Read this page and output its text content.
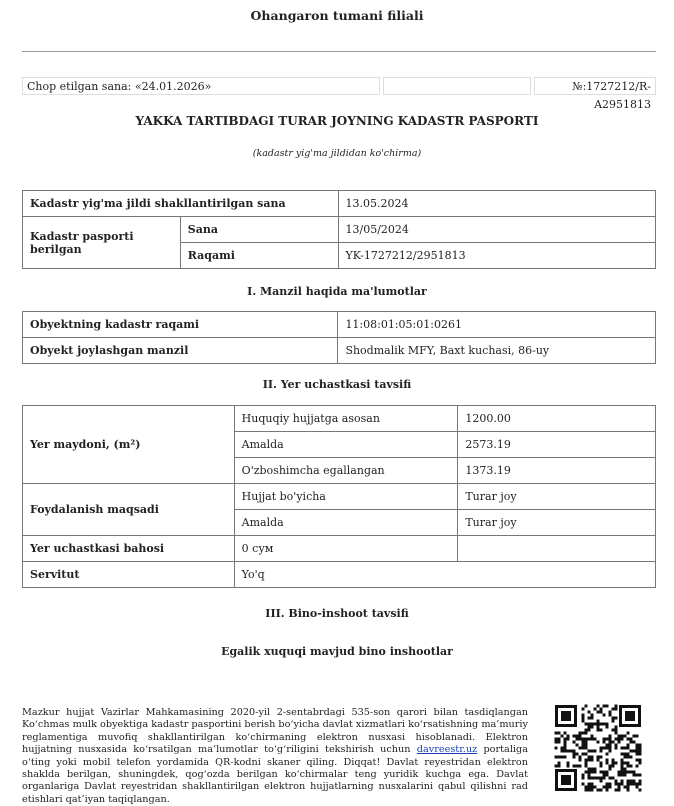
Ohangaron tumani filiali
Chop etilgan sana: «24.01.2026»	№:1727212/R-A2951813
YAKKA TARTIBDAGI TURAR JOYNING KADASTR PASPORTI
(kadastr yig'ma jildidan ko'chirma)
Kadastr yig'ma jildi shakllantirilgan sana		13.05.2024
Kadastr pasporti berilgan	Sana	13/05/2024
	Raqami	YK-1727212/2951813
I. Manzil haqida ma'lumotlar
Obyektning kadastr raqami	11:08:01:05:01:0261
Obyekt joylashgan manzil	Shodmalik MFY, Baxt kuchasi, 86-uy
II. Yer uchastkasi tavsifi
Yer maydoni, (m²)	Huquqiy hujjatga asosan	1200.00
	Amalda	2573.19
	O'zboshimcha egallangan	1373.19
Foydalanish maqsadi	Hujjat bo'yicha	Turar joy
	Amalda	Turar joy
Yer uchastkasi bahosi	0 сум	
Servitut	Yo'q	
III. Bino-inshoot tavsifi
Egalik xuquqi mavjud bino inshootlar
Mazkur hujjat Vazirlar Mahkamasining 2020-yil 2-sentabrdagi 535-son qarori bilan tasdiqlangan Ko‘chmas mulk obyektiga kadastr pasportini berish bo‘yicha davlat xizmatlari ko‘rsatishning ma’muriy reglamentiga muvofiq shakllantirilgan ko‘chirmaning elektron nusxasi hisoblanadi. Elektron hujjatning nusxasida ko‘rsatilgan ma’lumotlar to‘g‘riligini tekshirish uchun davreestr.uz portaliga o‘ting yoki mobil telefon yordamida QR-kodni skaner qiling. Diqqat! Davlat reyestridan elektron shaklda berilgan, shuningdek, qog‘ozda berilgan ko‘chirmalar teng yuridik kuchga ega. Davlat organlariga Davlat reyestridan shakllantirilgan elektron hujjatlarning nusxalarini qabul qilishni rad etishlari qat’iyan taqiqlangan.
